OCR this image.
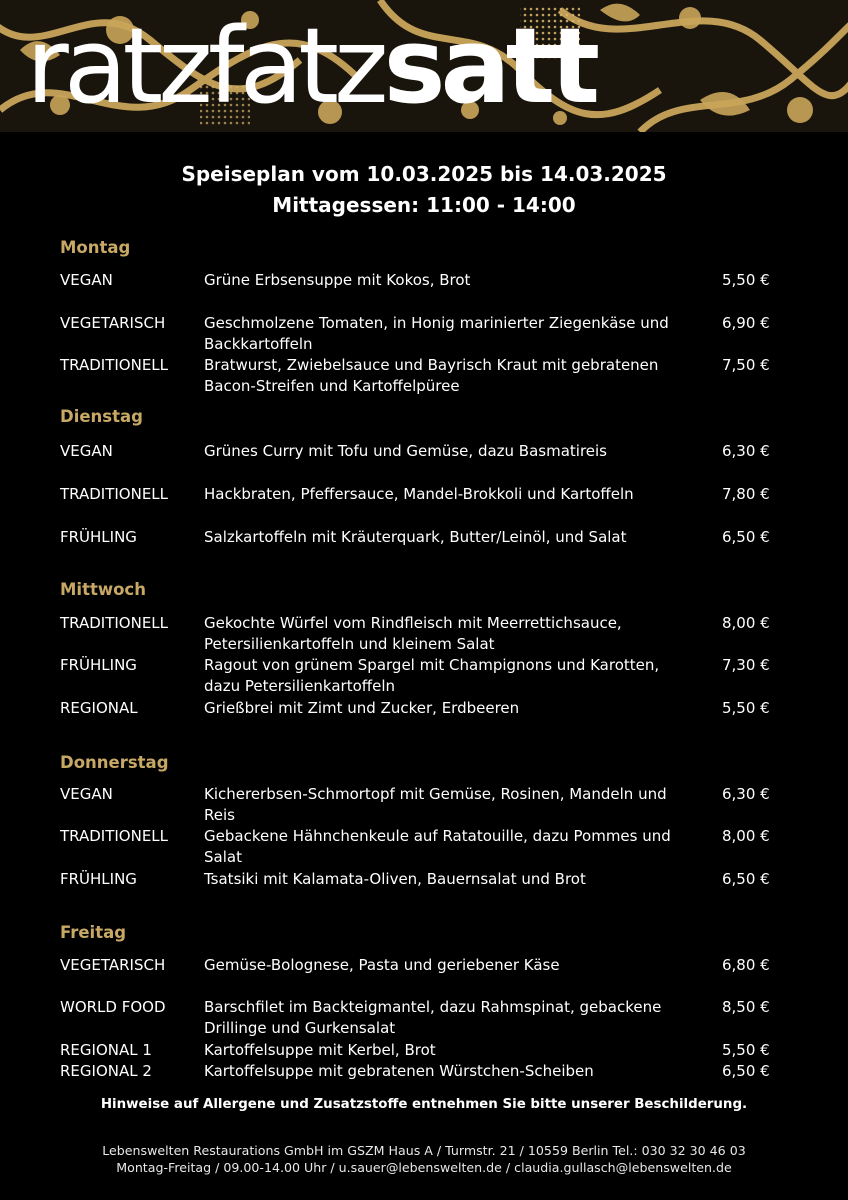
ratzfatz satt
Speiseplan vom 10.03.2025 bis 14.03.2025
Mittagessen: 11:00 - 14:00
Montag
VEGAN	Grüne Erbsensuppe mit Kokos, Brot	5,50 €
VEGETARISCH	Geschmolzene Tomaten, in Honig marinierter Ziegenkäse und
Backkartoffeln
6,90 €
TRADITIONELL Bratwurst, Zwiebelsauce und Bayrisch Kraut mit gebratenen
Bacon-Streifen und Kartoffelpüree
7,50 €
Dienstag
VEGAN	Grünes Curry mit Tofu und Gemüse, dazu Basmatireis	6,30 €
TRADITIONELL Hackbraten, Pfeffersauce, Mandel-Brokkoli und Kartoffeln	7,80 €
FRÜHLING	Salzkartoffeln mit Kräuterquark, Butter/Leinöl, und Salat	6,50 €
Mittwoch
TRADITIONELL Gekochte Würfel vom Rindfleisch mit Meerrettichsauce,
Petersilienkartoffeln und kleinem Salat
8,00 €
FRÜHLING	Ragout von grünem Spargel mit Champignons und Karotten,
dazu Petersilienkartoffeln
7,30 €
REGIONAL	Grießbrei mit Zimt und Zucker, Erdbeeren	5,50 €
Donnerstag
VEGAN	Kichererbsen-Schmortopf mit Gemüse, Rosinen, Mandeln und
Reis
6,30 €
TRADITIONELL Gebackene Hähnchenkeule auf Ratatouille, dazu Pommes und
Salat
8,00 €
FRÜHLING	Tsatsiki mit Kalamata-Oliven, Bauernsalat und Brot	6,50 €
Freitag
VEGETARISCH	Gemüse-Bolognese, Pasta und geriebener Käse	6,80 €
WORLD FOOD	Barschfilet im Backteigmantel, dazu Rahmspinat, gebackene
Drillinge und Gurkensalat
8,50 €
REGIONAL 1	Kartoffelsuppe mit Kerbel, Brot	5,50 €
REGIONAL 2	Kartoffelsuppe mit gebratenen Würstchen-Scheiben	6,50 €
Hinweise auf Allergene und Zusatzstoffe entnehmen Sie bitte unserer Beschilderung.
Lebenswelten Restaurations GmbH im GSZM Haus A / Turmstr. 21 / 10559 Berlin Tel.: 030 32 30 46 03
Montag-Freitag / 09.00-14.00 Uhr / u.sauer@lebenswelten.de / claudia.gullasch@lebenswelten.de
